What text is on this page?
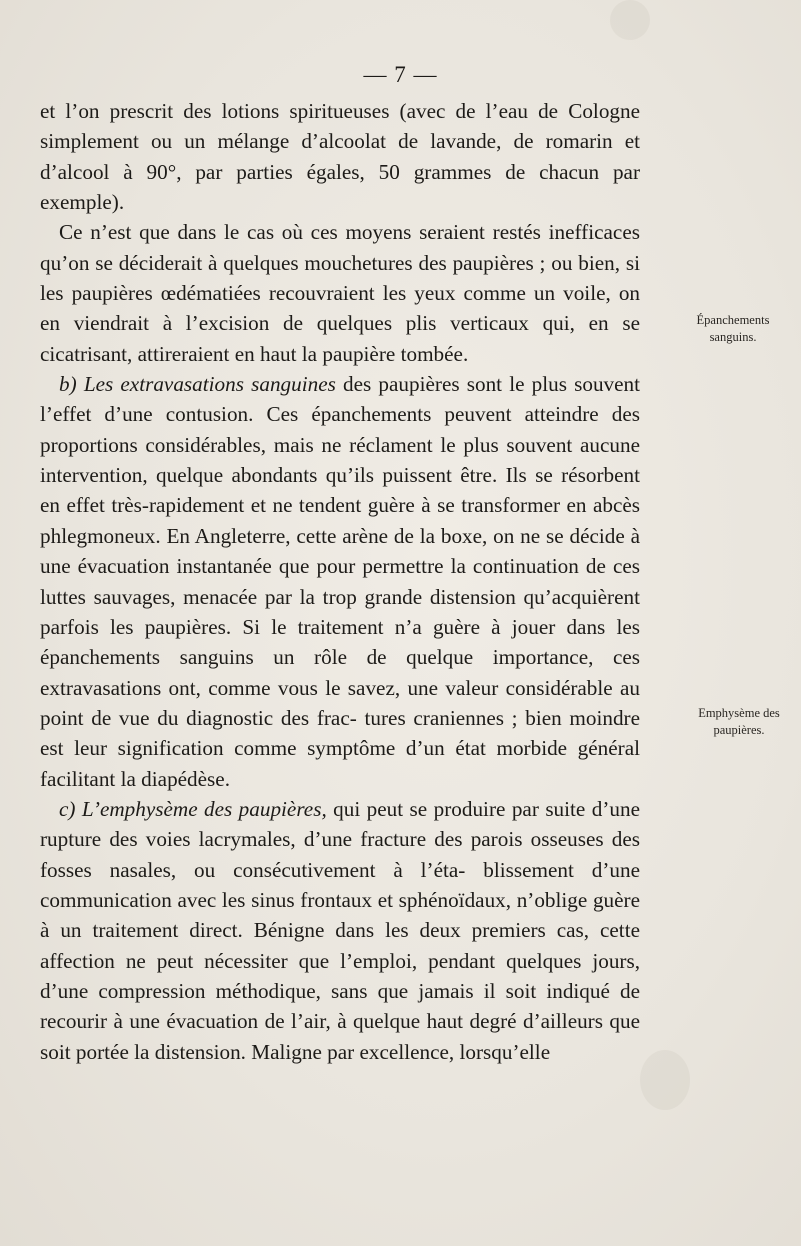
— 7 —

et l’on prescrit des lotions spiritueuses (avec de l’eau de Cologne simplement ou un mélange d’alcoolat de lavande, de romarin et d’alcool à 90°, par parties égales, 50 grammes de chacun par exemple).

Ce n’est que dans le cas où ces moyens seraient restés inefficaces qu’on se déciderait à quelques mouchetures des paupières ; ou bien, si les paupières œdématiées recouvraient les yeux comme un voile, on en viendrait à l’excision de quelques plis verticaux qui, en se cicatrisant, attireraient en haut la paupière tombée.

b) Les extravasations sanguines des paupières sont le plus souvent l’effet d’une contusion. Ces épanchements peuvent atteindre des proportions considérables, mais ne réclament le plus souvent aucune intervention, quelque abondants qu’ils puissent être. Ils se résorbent en effet très-rapidement et ne tendent guère à se transformer en abcès phlegmoneux. En Angleterre, cette arène de la boxe, on ne se décide à une évacuation instantanée que pour permettre la continuation de ces luttes sauvages, menacée par la trop grande distension qu’acquièrent parfois les paupières. Si le traitement n’a guère à jouer dans les épanchements sanguins un rôle de quelque importance, ces extravasations ont, comme vous le savez, une valeur considérable au point de vue du diagnostic des frac- tures craniennes ; bien moindre est leur signification comme symptôme d’un état morbide général facilitant la diapédèse.

c) L’emphysème des paupières, qui peut se produire par suite d’une rupture des voies lacrymales, d’une fracture des parois osseuses des fosses nasales, ou consécutivement à l’éta- blissement d’une communication avec les sinus frontaux et sphénoïdaux, n’oblige guère à un traitement direct. Bénigne dans les deux premiers cas, cette affection ne peut nécessiter que l’emploi, pendant quelques jours, d’une compression méthodique, sans que jamais il soit indiqué de recourir à une évacuation de l’air, à quelque haut degré d’ailleurs que soit portée la distension. Maligne par excellence, lorsqu’elle

Épanchements
sanguins.
Emphysème des
paupières.
